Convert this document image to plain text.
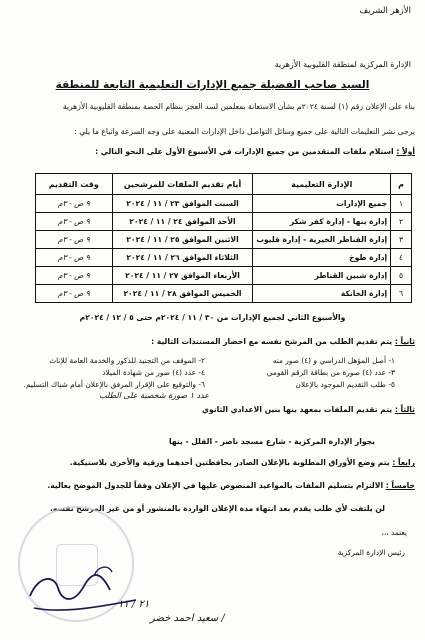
الأزهر الشريف
الإدارة المركزية لمنطقة القليوبية الأزهرية
السيد صاحب الفضيلة جميع الإدارات التعليمية التابعة للمنطقة
بناء على الإعلان رقم (١) لسنة ٢٠٢٤م بشأن الاستعانة بمعلمين لسد العجز بنظام الحصة بمنطقة القليوبية الأزهرية
يرجى نشر التعليمات التالية على جميع وسائل التواصل داخل الإدارات المعنية على وجه السرعة واتباع ما يلي :
أولاً : استلام ملفات المتقدمين من جميع الإدارات في الأسبوع الأول على النحو التالي :
م	الإدارة التعليمية	أيام تقديم الملفات للمرشحين	وقت التقديم
١	جميع الإدارات	السبت الموافق ٢٣ / ١١ / ٢٠٢٤	٩ ص - ٣م
٢	إدارة بنها - إدارة كفر شكر	الأحد الموافق ٢٤ / ١١ / ٢٠٢٤	٩ ص - ٣م
٣	إدارة القناطر الخيرية - إدارة قليوب	الاثنين الموافق ٢٥ / ١١ / ٢٠٢٤	٩ ص - ٣م
٤	إدارة طوخ	الثلاثاء الموافق ٢٦ / ١١ / ٢٠٢٤	٩ ص - ٣م
٥	إدارة شبين القناطر	الأربعاء الموافق ٢٧ / ١١ / ٢٠٢٤	٩ ص - ٣م
٦	إدارة الخانكة	الخميس الموافق ٢٨ / ١١ / ٢٠٢٤	٩ ص - ٣م
والأسبوع الثاني لجميع الإدارات من ٣٠ / ١١ / ٢٠٢٤م حتى ٥ / ١٢ / ٢٠٢٤م
ثانياً : يتم تقديم الطلب من المرشح نفسه مع احضار المستندات التالية :
١- أصل المؤهل الدراسي و (٤) صور منه
٢- الموقف من التجنيد للذكور والخدمة العامة للإناث
٣- عدد (٤) صورة من بطاقة الرقم القومي
٤- عدد (٤) صور من شهادة الميلاد
٥- طلب التقديم الموجود بالإعلان
٦- والتوقيع على الإقرار المرفق بالإعلان أمام شباك التسليم.
عدد ١ صورة شخصية على الطلب
ثالثاً : يتم تقديم الملفات بمعهد بنها بنين الاعدادي الثانوي
بجوار الإدارة المركزية - شارع مسجد ناصر - الفلل - بنها
رابعاً : يتم وضع الأوراق المطلوبة بالإعلان الصادر بحافظتين أحدهما ورقية والأخرى بلاستيكية.
خامساً : الالتزام بتسليم الملفات بالمواعيد المنصوص عليها في الإعلان وفقاً للجدول الموضح بعاليه.
لن يلتفت لأي طلب يقدم بعد انتهاء مدة الإعلان الواردة بالمنشور أو من غير المرشح نفسه.
يعتمد ،،،
رئيس الإدارة المركزية
٢١ / ١١
/ سعيد احمد خضر
